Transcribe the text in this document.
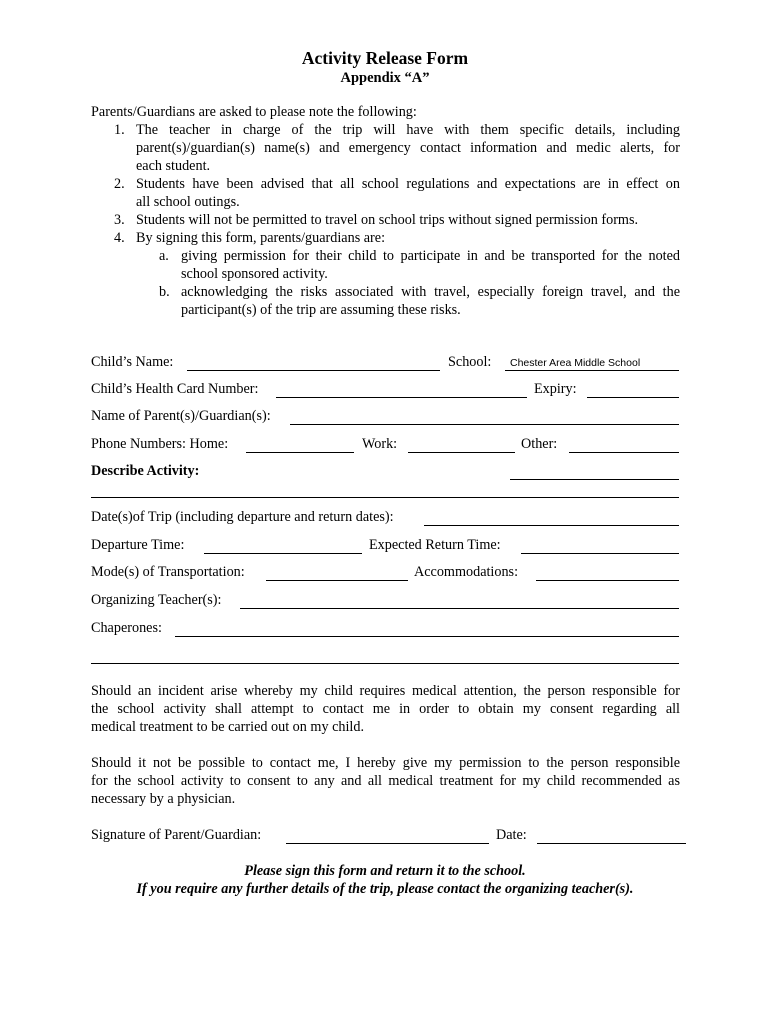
Activity Release Form
Appendix “A”
Parents/Guardians are asked to please note the following:
1. The teacher in charge of the trip will have with them specific details, including
parent(s)/guardian(s) name(s) and emergency contact information and medic alerts, for
each student.
2. Students have been advised that all school regulations and expectations are in effect on
all school outings.
3. Students will not be permitted to travel on school trips without signed permission forms.
4. By signing this form, parents/guardians are:
a. giving permission for their child to participate in and be transported for the noted
school sponsored activity.
b. acknowledging the risks associated with travel, especially foreign travel, and the
participant(s) of the trip are assuming these risks.
Child’s Name:	School: Chester Area Middle School
Child’s Health Card Number:	Expiry:
Name of Parent(s)/Guardian(s):
Phone Numbers: Home:	Work:	Other:
Describe Activity:
Date(s)of Trip (including departure and return dates):
Departure Time:	Expected Return Time:
Mode(s) of Transportation:	Accommodations:
Organizing Teacher(s):
Chaperones:
Should an incident arise whereby my child requires medical attention, the person responsible for
the school activity shall attempt to contact me in order to obtain my consent regarding all
medical treatment to be carried out on my child.
Should it not be possible to contact me, I hereby give my permission to the person responsible
for the school activity to consent to any and all medical treatment for my child recommended as
necessary by a physician.
Signature of Parent/Guardian:	Date:
Please sign this form and return it to the school.
If you require any further details of the trip, please contact the organizing teacher(s).
